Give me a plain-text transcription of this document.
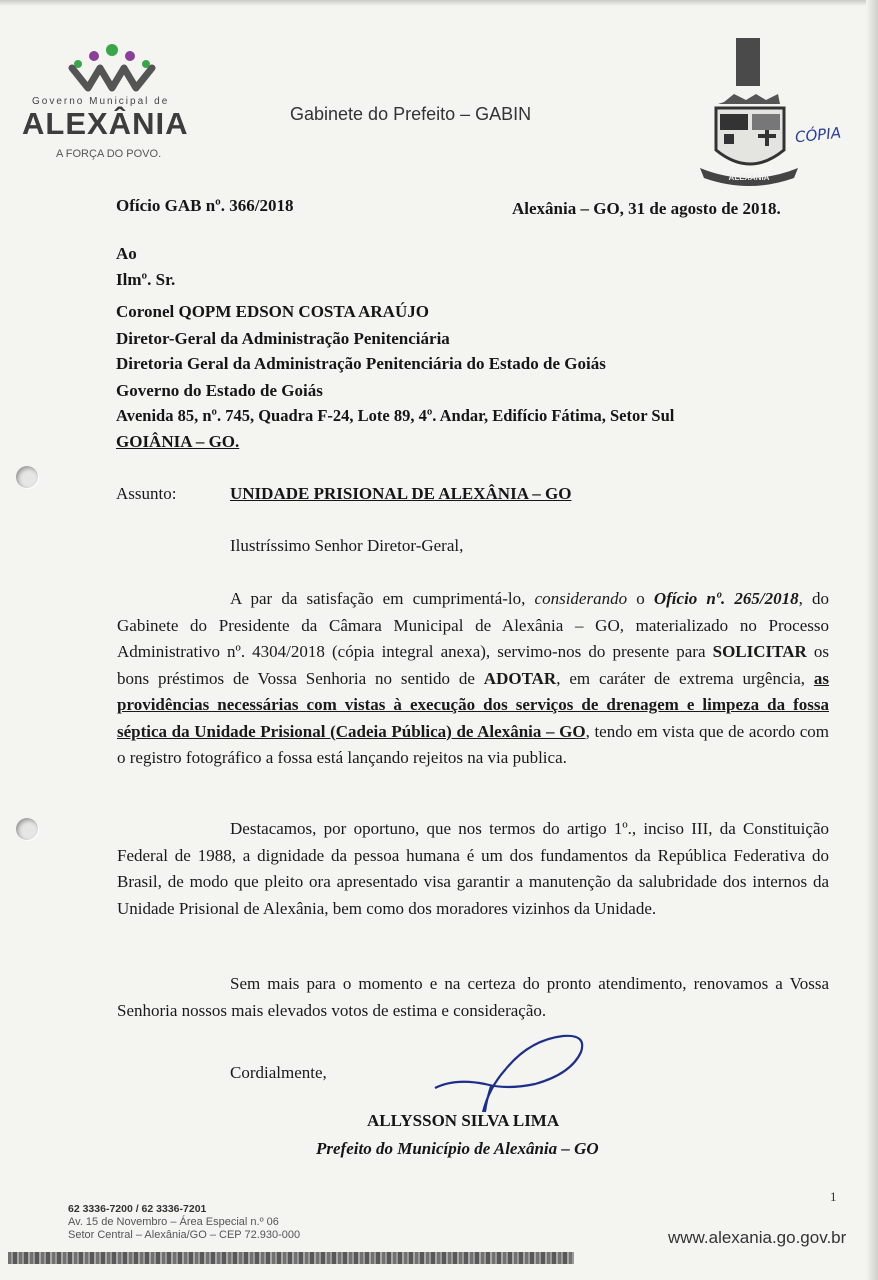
Governo Municipal de
ALEXÂNIA
A FORÇA DO POVO.
Gabinete do Prefeito – GABIN
ALEXÂNIA
CÓPIA
Ofício GAB nº. 366/2018	Alexânia – GO, 31 de agosto de 2018.
Ao
Ilmº. Sr.
Coronel QOPM EDSON COSTA ARAÚJO
Diretor-Geral da Administração Penitenciária
Diretoria Geral da Administração Penitenciária do Estado de Goiás
Governo do Estado de Goiás
Avenida 85, nº. 745, Quadra F-24, Lote 89, 4º. Andar, Edifício Fátima, Setor Sul
GOIÂNIA – GO.
Assunto:	UNIDADE PRISIONAL DE ALEXÂNIA – GO
Ilustríssimo Senhor Diretor-Geral,

A par da satisfação em cumprimentá-lo, considerando o Ofício nº. 265/2018, do Gabinete do Presidente da Câmara Municipal de Alexânia – GO, materializado no Processo Administrativo nº. 4304/2018 (cópia integral anexa), servimo-nos do presente para SOLICITAR os bons préstimos de Vossa Senhoria no sentido de ADOTAR, em caráter de extrema urgência, as providências necessárias com vistas à execução dos serviços de drenagem e limpeza da fossa séptica da Unidade Prisional (Cadeia Pública) de Alexânia – GO, tendo em vista que de acordo com o registro fotográfico a fossa está lançando rejeitos na via publica.

Destacamos, por oportuno, que nos termos do artigo 1º., inciso III, da Constituição Federal de 1988, a dignidade da pessoa humana é um dos fundamentos da República Federativa do Brasil, de modo que pleito ora apresentado visa garantir a manutenção da salubridade dos internos da Unidade Prisional de Alexânia, bem como dos moradores vizinhos da Unidade.

Sem mais para o momento e na certeza do pronto atendimento, renovamos a Vossa Senhoria nossos mais elevados votos de estima e consideração.

Cordialmente,
ALLYSSON SILVA LIMA
Prefeito do Município de Alexânia – GO
1
62 3336-7200 / 62 3336-7201
Av. 15 de Novembro – Área Especial n.º 06
Setor Central – Alexânia/GO – CEP 72.930-000	www.alexania.go.gov.br
